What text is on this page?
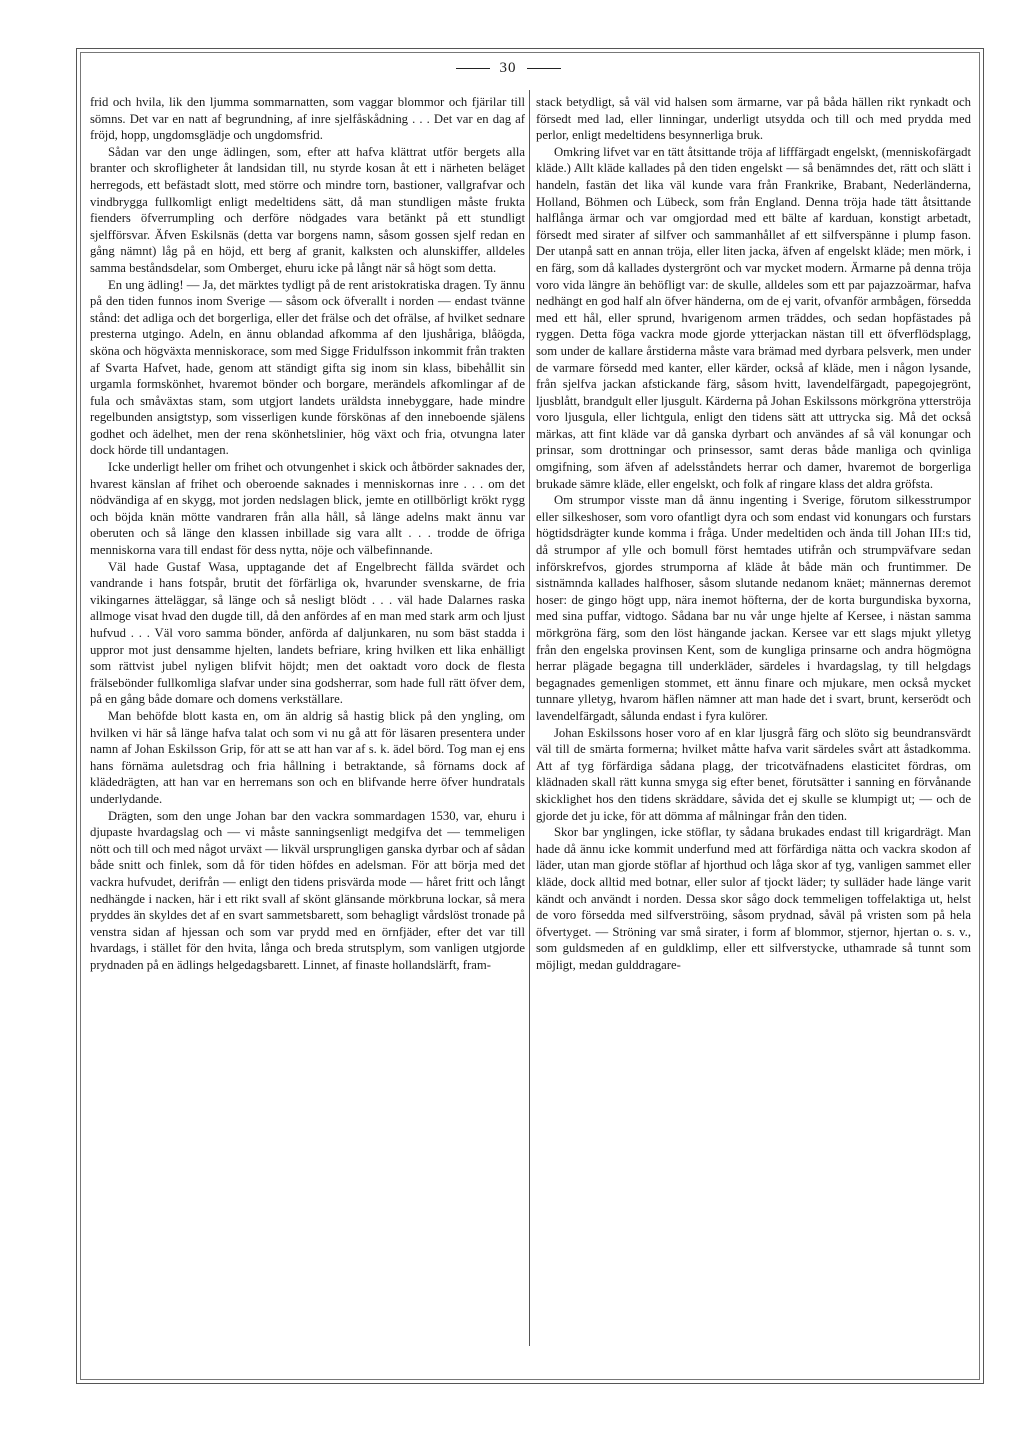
30

frid och hvila, lik den ljumma sommarnatten, som vaggar blommor och fjärilar till sömns. Det var en natt af begrundning, af inre sjelfåskådning . . . Det var en dag af fröjd, hopp, ungdomsglädje och ungdomsfrid.

Sådan var den unge ädlingen, som, efter att hafva klättrat utför bergets alla branter och skrofligheter åt landsidan till, nu styrde kosan åt ett i närheten beläget herregods, ett befästadt slott, med större och mindre torn, bastioner, vallgrafvar och vindbrygga fullkomligt enligt medeltidens sätt, då man stundligen måste frukta fienders öfverrumpling och derföre nödgades vara betänkt på ett stundligt sjelfförsvar. Äfven Eskilsnäs (detta var borgens namn, såsom gossen sjelf redan en gång nämnt) låg på en höjd, ett berg af granit, kalksten och alunskiffer, alldeles samma beståndsdelar, som Omberget, ehuru icke på långt när så högt som detta.

En ung ädling! — Ja, det märktes tydligt på de rent aristokratiska dragen. Ty ännu på den tiden funnos inom Sverige — såsom ock öfverallt i norden — endast tvänne stånd: det adliga och det borgerliga, eller det frälse och det ofrälse, af hvilket sednare presterna utgingo. Adeln, en ännu oblandad afkomma af den ljushåriga, blåögda, sköna och högväxta menniskorace, som med Sigge Fridulfsson inkommit från trakten af Svarta Hafvet, hade, genom att ständigt gifta sig inom sin klass, bibehållit sin urgamla formskönhet, hvaremot bönder och borgare, merändels afkomlingar af de fula och småväxtas stam, som utgjort landets uräldsta innebyggare, hade mindre regelbunden ansigtstyp, som visserligen kunde förskönas af den inneboende själens godhet och ädelhet, men der rena skönhetslinier, hög växt och fria, otvungna later dock hörde till undantagen.

Icke underligt heller om frihet och otvungenhet i skick och åtbörder saknades der, hvarest känslan af frihet och oberoende saknades i menniskornas inre . . . om det nödvändiga af en skygg, mot jorden nedslagen blick, jemte en otillbörligt krökt rygg och böjda knän mötte vandraren från alla håll, så länge adelns makt ännu var oberuten och så länge den klassen inbillade sig vara allt . . . trodde de öfriga menniskorna vara till endast för dess nytta, nöje och välbefinnande.

Väl hade Gustaf Wasa, upptagande det af Engelbrecht fällda svärdet och vandrande i hans fotspår, brutit det förfärliga ok, hvarunder svenskarne, de fria vikingarnes ätteläggar, så länge och så nesligt blödt . . . väl hade Dalarnes raska allmoge visat hvad den dugde till, då den anfördes af en man med stark arm och ljust hufvud . . . Väl voro samma bönder, anförda af daljunkaren, nu som bäst stadda i uppror mot just densamme hjelten, landets befriare, kring hvilken ett lika enhälligt som rättvist jubel nyligen blifvit höjdt; men det oaktadt voro dock de flesta frälsebönder fullkomliga slafvar under sina godsherrar, som hade full rätt öfver dem, på en gång både domare och domens verkställare.

Man behöfde blott kasta en, om än aldrig så hastig blick på den yngling, om hvilken vi här så länge hafva talat och som vi nu gå att för läsaren presentera under namn af Johan Eskilsson Grip, för att se att han var af s. k. ädel börd. Tog man ej ens hans förnäma auletsdrag och fria hållning i betraktande, så förnams dock af klädedrägten, att han var en herremans son och en blifvande herre öfver hundratals underlydande.

Drägten, som den unge Johan bar den vackra sommardagen 1530, var, ehuru i djupaste hvardagslag och — vi måste sanningsenligt medgifva det — temmeligen nött och till och med något urväxt — likväl ursprungligen ganska dyrbar och af sådan både snitt och finlek, som då för tiden höfdes en adelsman. För att börja med det vackra hufvudet, derifrån — enligt den tidens prisvärda mode — håret fritt och långt nedhängde i nacken, här i ett rikt svall af skönt glänsande mörkbruna lockar, så mera pryddes än skyldes det af en svart sammetsbarett, som behagligt vårdslöst tronade på venstra sidan af hjessan och som var prydd med en örnfjäder, efter det var till hvardags, i stället för den hvita, långa och breda strutsplym, som vanligen utgjorde prydnaden på en ädlings helgedagsbarett. Linnet, af finaste hollandslärft, fram-

stack betydligt, så väl vid halsen som ärmarne, var på båda hällen rikt rynkadt och försedt med lad, eller linningar, underligt utsydda och till och med prydda med perlor, enligt medeltidens besynnerliga bruk.

Omkring lifvet var en tätt åtsittande tröja af lifffärgadt engelskt, (menniskofärgadt kläde.) Allt kläde kallades på den tiden engelskt — så benämndes det, rätt och slätt i handeln, fastän det lika väl kunde vara från Frankrike, Brabant, Nederländerna, Holland, Böhmen och Lübeck, som från England. Denna tröja hade tätt åtsittande halflånga ärmar och var omgjordad med ett bälte af karduan, konstigt arbetadt, försedt med sirater af silfver och sammanhållet af ett silfverspänne i plump fason. Der utanpå satt en annan tröja, eller liten jacka, äfven af engelskt kläde; men mörk, i en färg, som då kallades dystergrönt och var mycket modern. Ärmarne på denna tröja voro vida längre än behöfligt var: de skulle, alldeles som ett par pajazzoärmar, hafva nedhängt en god half aln öfver händerna, om de ej varit, ofvanför armbågen, försedda med ett hål, eller sprund, hvarigenom armen träddes, och sedan hopfästades på ryggen. Detta föga vackra mode gjorde ytterjackan nästan till ett öfverflödsplagg, som under de kallare årstiderna måste vara brämad med dyrbara pelsverk, men under de varmare försedd med kanter, eller kärder, också af kläde, men i någon lysande, från sjelfva jackan afstickande färg, såsom hvitt, lavendelfärgadt, papegojegrönt, ljusblått, brandgult eller ljusgult. Kärderna på Johan Eskilssons mörkgröna ytterströja voro ljusgula, eller lichtgula, enligt den tidens sätt att uttrycka sig. Må det också märkas, att fint kläde var då ganska dyrbart och användes af så väl konungar och prinsar, som drottningar och prinsessor, samt deras både manliga och qvinliga omgifning, som äfven af adelsståndets herrar och damer, hvaremot de borgerliga brukade sämre kläde, eller engelskt, och folk af ringare klass det aldra gröfsta.

Om strumpor visste man då ännu ingenting i Sverige, förutom silkesstrumpor eller silkeshoser, som voro ofantligt dyra och som endast vid konungars och furstars högtidsdrägter kunde komma i fråga. Under medeltiden och ända till Johan III:s tid, då strumpor af ylle och bomull först hemtades utifrån och strumpväfvare sedan införskrefvos, gjordes strumporna af kläde åt både män och fruntimmer. De sistnämnda kallades halfhoser, såsom slutande nedanom knäet; männernas deremot hoser: de gingo högt upp, nära inemot höfterna, der de korta burgundiska byxorna, med sina puffar, vidtogo. Sådana bar nu vår unge hjelte af Kersee, i nästan samma mörkgröna färg, som den löst hängande jackan. Kersee var ett slags mjukt ylletyg från den engelska provinsen Kent, som de kungliga prinsarne och andra högmögna herrar plägade begagna till underkläder, särdeles i hvardagslag, ty till helgdags begagnades gemenligen stommet, ett ännu finare och mjukare, men också mycket tunnare ylletyg, hvarom häflen nämner att man hade det i svart, brunt, kerserödt och lavendelfärgadt, sålunda endast i fyra kulörer.

Johan Eskilssons hoser voro af en klar ljusgrå färg och slöto sig beundransvärdt väl till de smärta formerna; hvilket måtte hafva varit särdeles svårt att åstadkomma. Att af tyg förfärdiga sådana plagg, der tricotväfnadens elasticitet fördras, om klädnaden skall rätt kunna smyga sig efter benet, förutsätter i sanning en förvånande skicklighet hos den tidens skräddare, såvida det ej skulle se klumpigt ut; — och de gjorde det ju icke, för att dömma af målningar från den tiden.

Skor bar ynglingen, icke stöflar, ty sådana brukades endast till krigardrägt. Man hade då ännu icke kommit underfund med att förfärdiga nätta och vackra skodon af läder, utan man gjorde stöflar af hjorthud och låga skor af tyg, vanligen sammet eller kläde, dock alltid med botnar, eller sulor af tjockt läder; ty sulläder hade länge varit kändt och användt i norden. Dessa skor sågo dock temmeligen toffelaktiga ut, helst de voro försedda med silfverströing, såsom prydnad, såväl på vristen som på hela öfvertyget. — Ströning var små sirater, i form af blommor, stjernor, hjertan o. s. v., som guldsmeden af en guldklimp, eller ett silfverstycke, uthamrade så tunnt som möjligt, medan gulddragare-
